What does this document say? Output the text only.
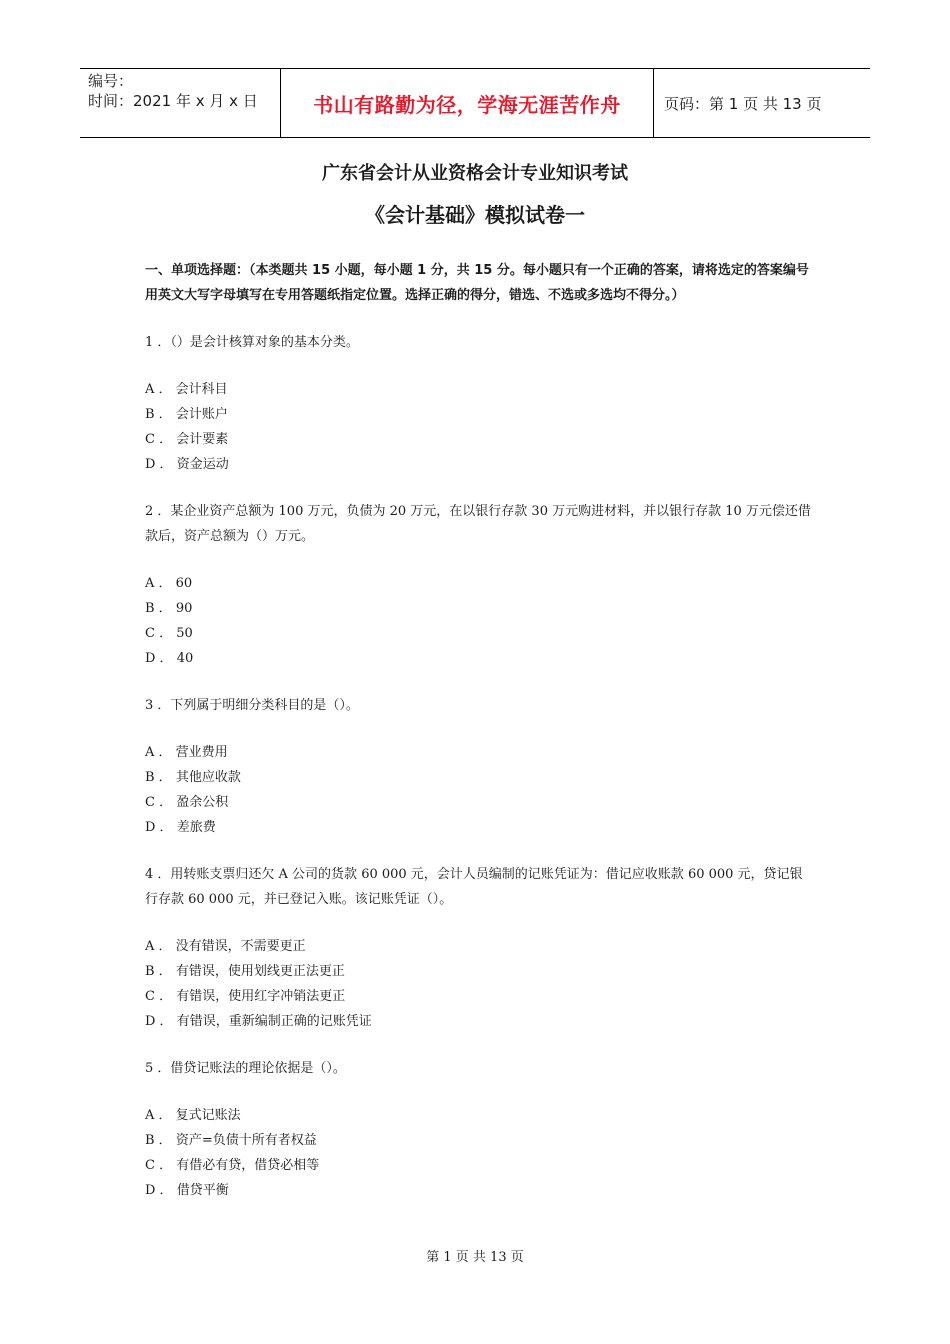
编号：
时间：2021 年 x 月 x 日	书山有路勤为径，学海无涯苦作舟	页码：第 1 页 共 13 页
广东省会计从业资格会计专业知识考试
《会计基础》模拟试卷一
一、单项选择题：（本类题共 15 小题，每小题 1 分，共 15 分。每小题只有一个正确的答案，请将选定的答案编号用英文大写字母填写在专用答题纸指定位置。选择正确的得分，错选、不选或多选均不得分。）
1 ．（）是会计核算对象的基本分类。
A ． 会计科目
B ． 会计账户
C ． 会计要素
D ． 资金运动
2 ．某企业资产总额为 100 万元，负债为 20 万元，在以银行存款 30 万元购进材料，并以银行存款 10 万元偿还借款后，资产总额为（）万元。
A ． 60
B ． 90
C ． 50
D ． 40
3 ．下列属于明细分类科目的是（）。
A ． 营业费用
B ． 其他应收款
C ． 盈余公积
D ． 差旅费
4 ．用转账支票归还欠 A 公司的货款 60 000 元，会计人员编制的记账凭证为：借记应收账款 60 000 元，贷记银行存款 60 000 元，并已登记入账。该记账凭证（）。
A ． 没有错误，不需要更正
B ． 有错误，使用划线更正法更正
C ． 有错误，使用红字冲销法更正
D ． 有错误，重新编制正确的记账凭证
5 ．借贷记账法的理论依据是（）。
A ． 复式记账法
B ． 资产=负债十所有者权益
C ． 有借必有贷，借贷必相等
D ． 借贷平衡
第 1 页 共 13 页
